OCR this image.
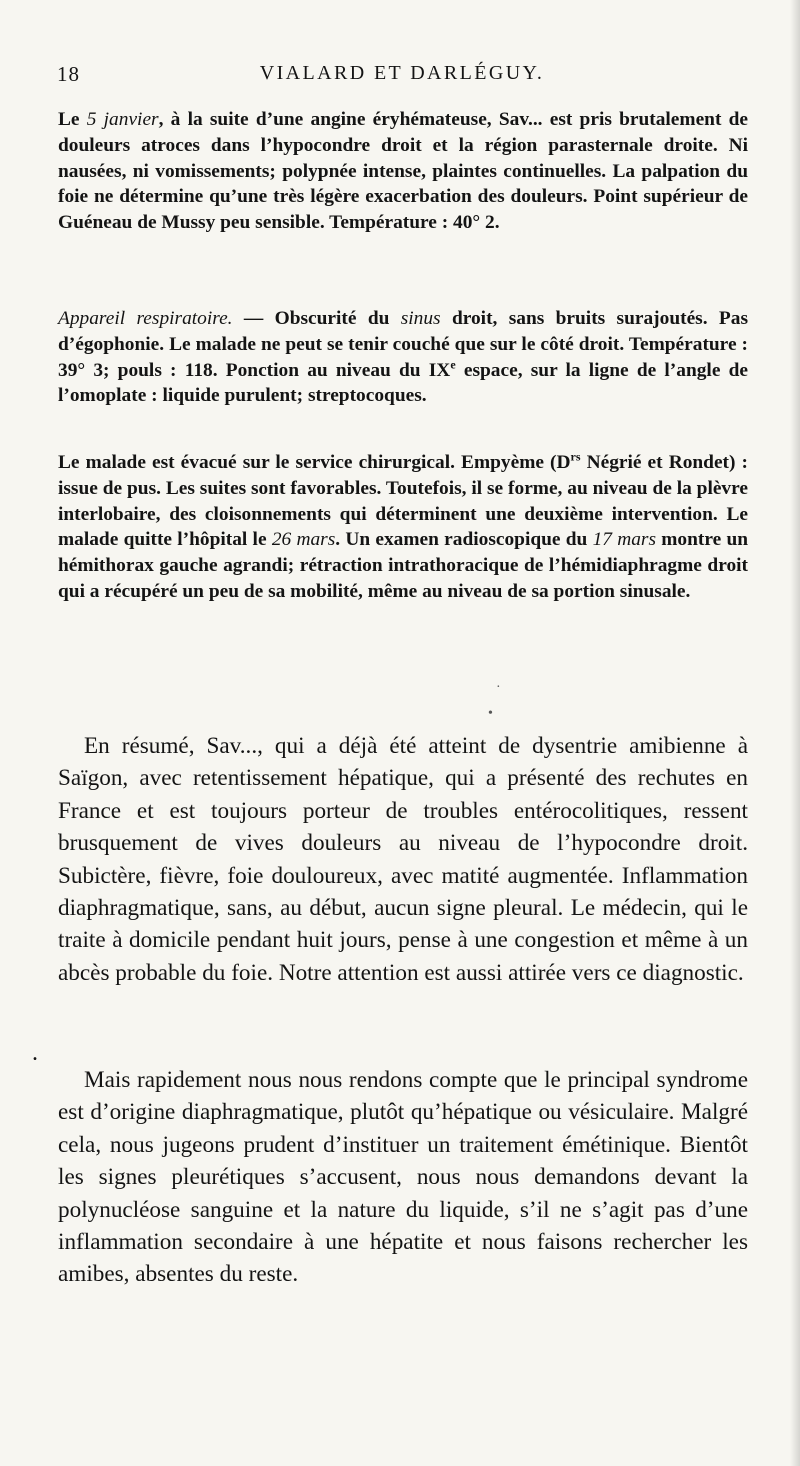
18	VIALARD ET DARLÉGUY.

Le 5 janvier, à la suite d’une angine éryhémateuse, Sav... est pris brutalement de douleurs atroces dans l’hypocondre droit et la région parasternale droite. Ni nausées, ni vomissements; polypnée intense, plaintes continuelles. La palpation du foie ne détermine qu’une très légère exacerbation des douleurs. Point supérieur de Guéneau de Mussy peu sensible. Température : 40° 2.

Appareil respiratoire. — Obscurité du sinus droit, sans bruits surajoutés. Pas d’égophonie. Le malade ne peut se tenir couché que sur le côté droit. Température : 39° 3; pouls : 118. Ponction au niveau du IXe espace, sur la ligne de l’angle de l’omoplate : liquide purulent; streptocoques.

Le malade est évacué sur le service chirurgical. Empyème ($D^{rs}$ Négrié et Rondet) : issue de pus. Les suites sont favorables. Toutefois, il se forme, au niveau de la plèvre interlobaire, des cloisonnements qui déterminent une deuxième intervention. Le malade quitte l’hôpital le 26 mars. Un examen radioscopique du 17 mars montre un hémithorax gauche agrandi; rétraction intrathoracique de l’hémidiaphragme droit qui a récupéré un peu de sa mobilité, même au niveau de sa portion sinusale.

En résumé, Sav..., qui a déjà été atteint de dysentrie amibienne à Saïgon, avec retentissement hépatique, qui a présenté des rechutes en France et est toujours porteur de troubles entérocolitiques, ressent brusquement de vives douleurs au niveau de l’hypocondre droit. Subictère, fièvre, foie douloureux, avec matité augmentée. Inflammation diaphragmatique, sans, au début, aucun signe pleural. Le médecin, qui le traite à domicile pendant huit jours, pense à une congestion et même à un abcès probable du foie. Notre attention est aussi attirée vers ce diagnostic.

Mais rapidement nous nous rendons compte que le principal syndrome est d’origine diaphragmatique, plutôt qu’hépatique ou vésiculaire. Malgré cela, nous jugeons prudent d’instituer un traitement émétinique. Bientôt les signes pleurétiques s’accusent, nous nous demandons devant la polynucléose sanguine et la nature du liquide, s’il ne s’agit pas d’une inflammation secondaire à une hépatite et nous faisons rechercher les amibes, absentes du reste.

.
·
•
